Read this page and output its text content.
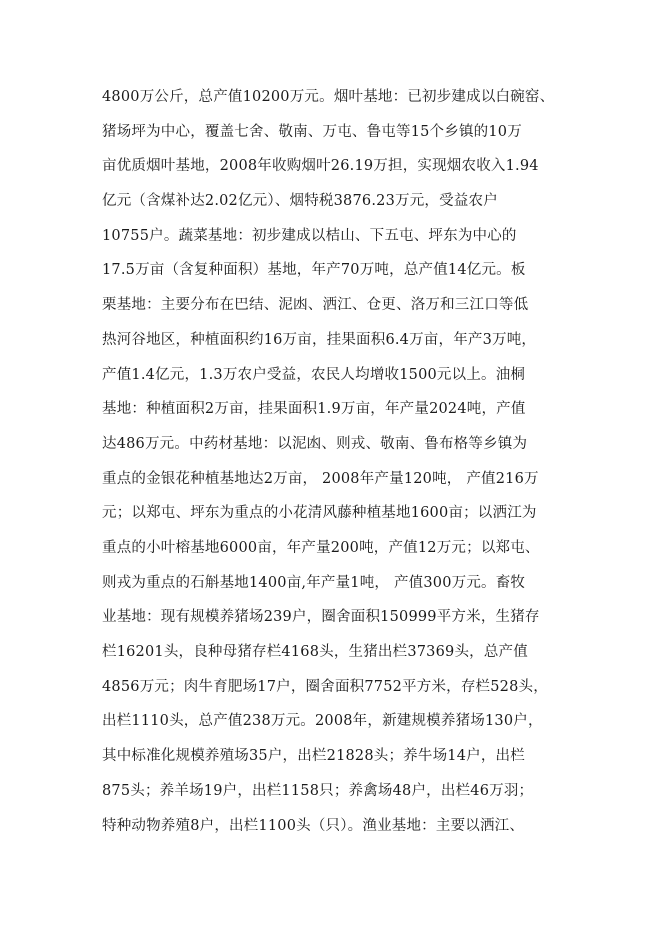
4800万公斤，总产值10200万元。烟叶基地：已初步建成以白碗窑、
猪场坪为中心，覆盖七舍、敬南、万屯、鲁屯等15个乡镇的10万
亩优质烟叶基地，2008年收购烟叶26.19万担，实现烟农收入1.94
亿元（含煤补达2.02亿元）、烟特税3876.23万元，受益农户
10755户。蔬菜基地：初步建成以桔山、下五屯、坪东为中心的
17.5万亩（含复种面积）基地，年产70万吨，总产值14亿元。板
栗基地：主要分布在巴结、泥凼、洒江、仓更、洛万和三江口等低
热河谷地区，种植面积约16万亩，挂果面积6.4万亩，年产3万吨，
产值1.4亿元，1.3万农户受益，农民人均增收1500元以上。油桐
基地：种植面积2万亩，挂果面积1.9万亩，年产量2024吨，产值
达486万元。中药材基地：以泥凼、则戎、敬南、鲁布格等乡镇为
重点的金银花种植基地达2万亩， 2008年产量120吨， 产值216万
元；以郑屯、坪东为重点的小花清风藤种植基地1600亩；以洒江为
重点的小叶榕基地6000亩，年产量200吨，产值12万元；以郑屯、
则戎为重点的石斛基地1400亩,年产量1吨， 产值300万元。畜牧
业基地：现有规模养猪场239户，圈舍面积150999平方米，生猪存
栏16201头，良种母猪存栏4168头，生猪出栏37369头，总产值
4856万元；肉牛育肥场17户，圈舍面积7752平方米，存栏528头，
出栏1110头，总产值238万元。2008年，新建规模养猪场130户，
其中标准化规模养殖场35户，出栏21828头；养牛场14户，出栏
875头；养羊场19户，出栏1158只；养禽场48户，出栏46万羽；
特种动物养殖8户，出栏1100头（只）。渔业基地：主要以洒江、
